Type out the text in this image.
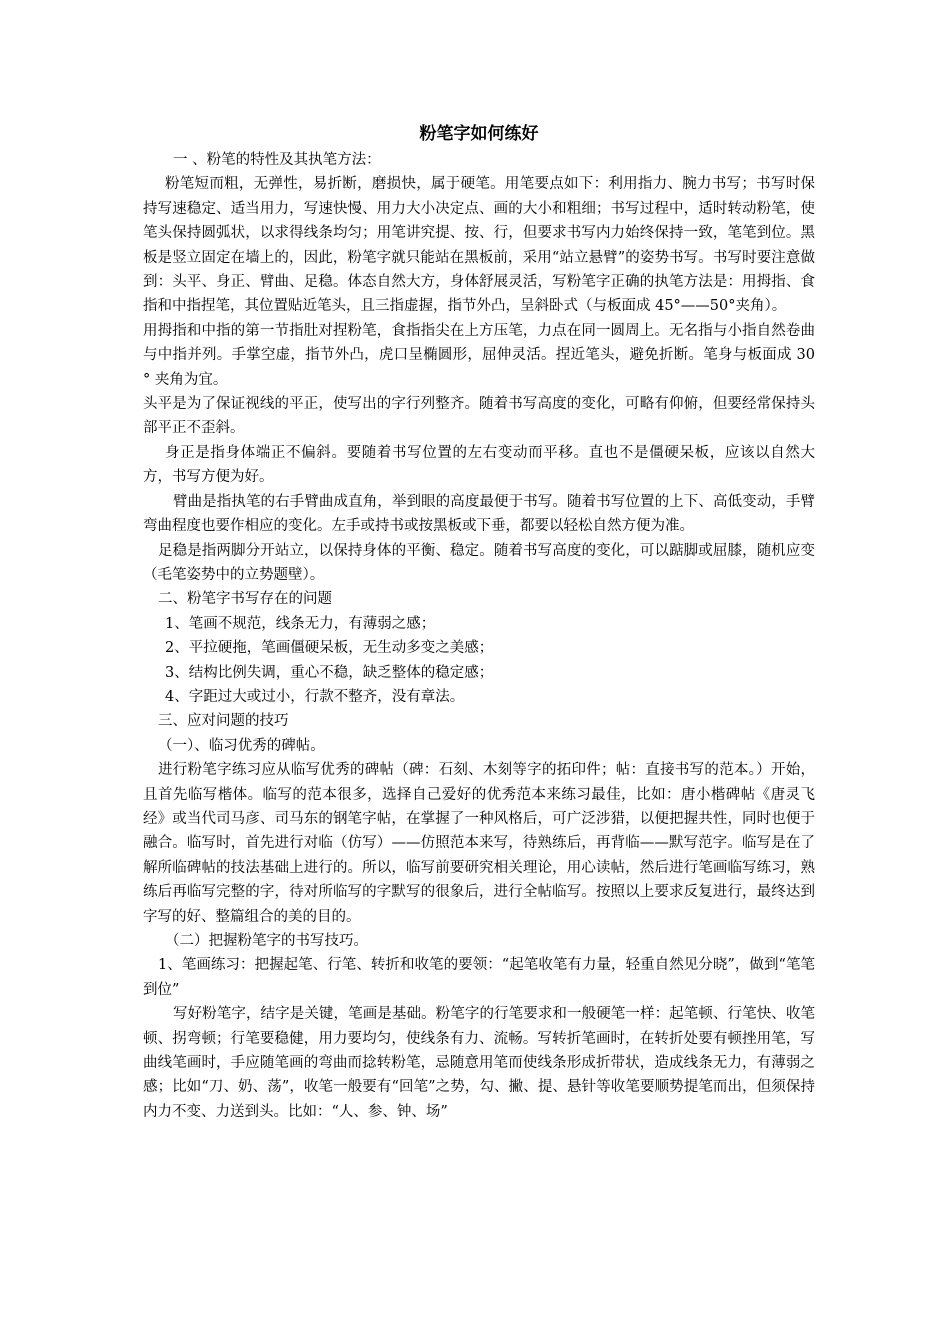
粉笔字如何练好

一 、粉笔的特性及其执笔方法：

粉笔短而粗，无弹性，易折断，磨损快，属于硬笔。用笔要点如下：利用指力、腕力书写；书写时保持写速稳定、适当用力，写速快慢、用力大小决定点、画的大小和粗细；书写过程中，适时转动粉笔，使笔头保持圆弧状，以求得线条均匀；用笔讲究提、按、行，但要求书写内力始终保持一致，笔笔到位。黑板是竖立固定在墙上的，因此，粉笔字就只能站在黑板前，采用“站立悬臂”的姿势书写。书写时要注意做到：头平、身正、臂曲、足稳。体态自然大方，身体舒展灵活，写粉笔字正确的执笔方法是：用拇指、食指和中指捏笔，其位置贴近笔头，且三指虚握，指节外凸，呈斜卧式（与板面成 45°——50°夹角）。

用拇指和中指的第一节指肚对捏粉笔，食指指尖在上方压笔，力点在同一圆周上。无名指与小指自然卷曲与中指并列。手掌空虚，指节外凸，虎口呈椭圆形，屈伸灵活。捏近笔头，避免折断。笔身与板面成 30 ° 夹角为宜。

头平是为了保证视线的平正，使写出的字行列整齐。随着书写高度的变化，可略有仰俯，但要经常保持头部平正不歪斜。

身正是指身体端正不偏斜。要随着书写位置的左右变动而平移。直也不是僵硬呆板，应该以自然大方，书写方便为好。

臂曲是指执笔的右手臂曲成直角，举到眼的高度最便于书写。随着书写位置的上下、高低变动，手臂弯曲程度也要作相应的变化。左手或持书或按黑板或下垂，都要以轻松自然方便为准。

足稳是指两脚分开站立，以保持身体的平衡、稳定。随着书写高度的变化，可以踮脚或屈膝，随机应变（毛笔姿势中的立势题壁）。

二、粉笔字书写存在的问题

1、笔画不规范，线条无力，有薄弱之感；

2、平拉硬拖，笔画僵硬呆板，无生动多变之美感；

3、结构比例失调，重心不稳，缺乏整体的稳定感；

4、字距过大或过小，行款不整齐，没有章法。

三、应对问题的技巧

（一）、临习优秀的碑帖。

进行粉笔字练习应从临写优秀的碑帖（碑：石刻、木刻等字的拓印件；帖：直接书写的范本。）开始，且首先临写楷体。临写的范本很多，选择自己爱好的优秀范本来练习最佳，比如：唐小楷碑帖《唐灵飞经》或当代司马彦、司马东的钢笔字帖，在掌握了一种风格后，可广泛涉猎，以便把握共性，同时也便于融合。临写时，首先进行对临（仿写）——仿照范本来写，待熟练后，再背临——默写范字。临写是在了解所临碑帖的技法基础上进行的。所以，临写前要研究相关理论，用心读帖，然后进行笔画临写练习，熟练后再临写完整的字，待对所临写的字默写的很象后，进行全帖临写。按照以上要求反复进行，最终达到字写的好、整篇组合的美的目的。

（二）把握粉笔字的书写技巧。

1、笔画练习：把握起笔、行笔、转折和收笔的要领：“起笔收笔有力量，轻重自然见分晓”，做到“笔笔到位”

写好粉笔字，结字是关键，笔画是基础。粉笔字的行笔要求和一般硬笔一样：起笔顿、行笔快、收笔顿、拐弯顿；行笔要稳健，用力要均匀，使线条有力、流畅。写转折笔画时，在转折处要有顿挫用笔，写曲线笔画时，手应随笔画的弯曲而捻转粉笔，忌随意用笔而使线条形成折带状，造成线条无力，有薄弱之感；比如“刀、奶、荡”，收笔一般要有“回笔”之势，勾、撇、提、悬针等收笔要顺势提笔而出，但须保持内力不变、力送到头。比如：“人、参、钟、场”
